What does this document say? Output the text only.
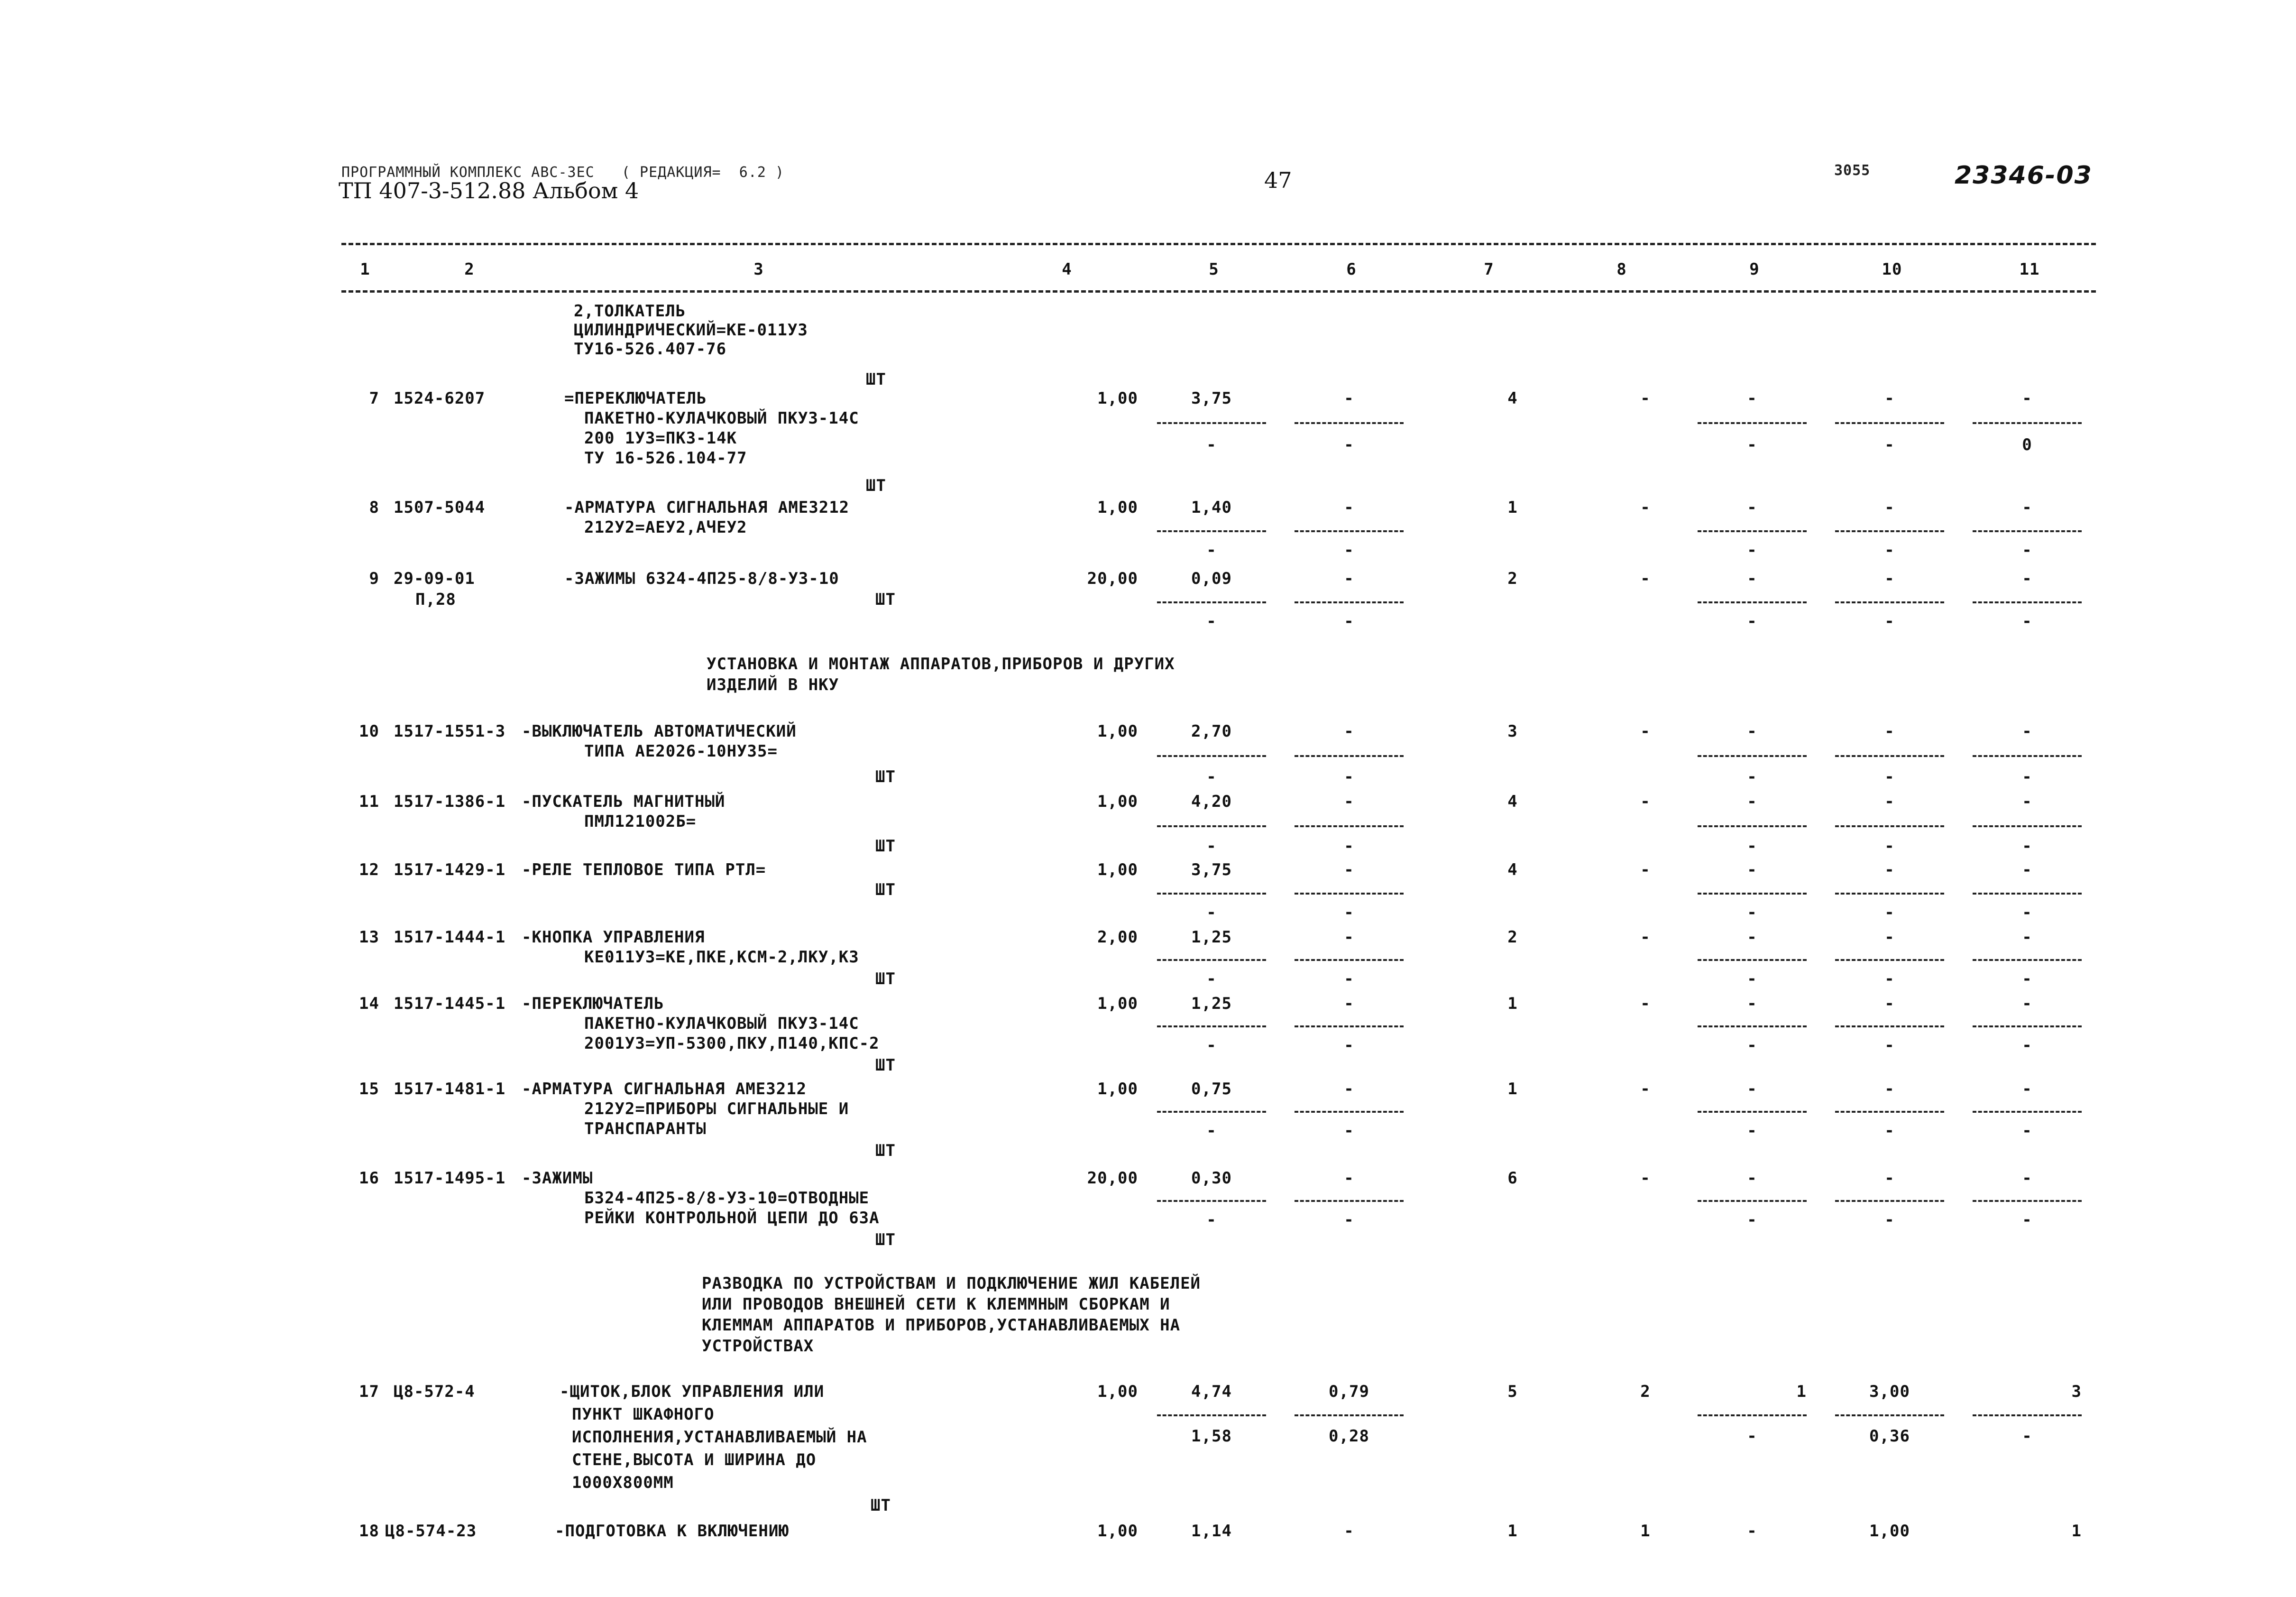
ПРОГРАММНЫЙ КОМПЛЕКС АВС-ЗЕС   ( РЕДАКЦИЯ=  6.2 )
ТП 407-3-512.88 Альбом 4	47	3055	23346-03
1	2	3	4	5	6	7	8	9	10	11
2,ТОЛКАТЕЛЬ
ЦИЛИНДРИЧЕСКИЙ=КЕ-011У3
ТУ16-526.407-76
ШТ
7 1524-6207	=ПЕРЕКЛЮЧАТЕЛЬ
ПАКЕТНО-КУЛАЧКОВЫЙ ПКУ3-14С
200 1У3=ПК3-14К
ТУ 16-526.104-77
1,00	3,75	-	4	-	-	-	-
-	-	-	-	0
ШТ
8 1507-5044	-АРМАТУРА СИГНАЛЬНАЯ АМЕ3212
212У2=АЕУ2,АЧЕУ2
1,00	1,40	-	1	-	-	-	-
-	-	-	-	-
9 29-09-01
П,28
-ЗАЖИМЫ 6324-4П25-8/8-У3-10
ШТ
20,00	0,09	-	2	-	-	-	-
-	-	-	-	-
УСТАНОВКА И МОНТАЖ АППАРАТОВ,ПРИБОРОВ И ДРУГИХ
ИЗДЕЛИЙ В НКУ
10 1517-1551-3 -ВЫКЛЮЧАТЕЛЬ АВТОМАТИЧЕСКИЙ
ТИПА АЕ2026-10НУ35=
ШТ
1,00	2,70	-	3	-	-	-	-
-	-	-	-	-
11 1517-1386-1 -ПУСКАТЕЛЬ МАГНИТНЫЙ
ПМЛ121002Б=
ШТ
1,00	4,20	-	4	-	-	-	-
-	-	-	-	-
12 1517-1429-1 -РЕЛЕ ТЕПЛОВОЕ ТИПА РТЛ=
ШТ
1,00	3,75	-	4	-	-	-	-
-	-	-	-	-
13 1517-1444-1 -КНОПКА УПРАВЛЕНИЯ
КЕ011У3=КЕ,ПКЕ,КСМ-2,ЛКУ,К3
ШТ
2,00	1,25	-	2	-	-	-	-
-	-	-	-	-
14 1517-1445-1 -ПЕРЕКЛЮЧАТЕЛЬ
ПАКЕТНО-КУЛАЧКОВЫЙ ПКУ3-14С
2001У3=УП-5300,ПКУ,П140,КПС-2
ШТ
1,00	1,25	-	1	-	-	-	-
-	-	-	-	-
15 1517-1481-1 -АРМАТУРА СИГНАЛЬНАЯ АМЕ3212
212У2=ПРИБОРЫ СИГНАЛЬНЫЕ И
ТРАНСПАРАНТЫ
ШТ
1,00	0,75	-	1	-	-	-	-
-	-	-	-	-
16 1517-1495-1 -ЗАЖИМЫ
Б324-4П25-8/8-У3-10=ОТВОДНЫЕ
РЕЙКИ КОНТРОЛЬНОЙ ЦЕПИ ДО 63А
ШТ
20,00	0,30	-	6	-	-	-	-
-	-	-	-	-
РАЗВОДКА ПО УСТРОЙСТВАМ И ПОДКЛЮЧЕНИЕ ЖИЛ КАБЕЛЕЙ
ИЛИ ПРОВОДОВ ВНЕШНЕЙ СЕТИ К КЛЕММНЫМ СБОРКАМ И
КЛЕММАМ АППАРАТОВ И ПРИБОРОВ,УСТАНАВЛИВАЕМЫХ НА
УСТРОЙСТВАХ
17 Ц8-572-4	-ЩИТОК,БЛОК УПРАВЛЕНИЯ ИЛИ
ПУНКТ ШКАФНОГО
ИСПОЛНЕНИЯ,УСТАНАВЛИВАЕМЫЙ НА
СТЕНЕ,ВЫСОТА И ШИРИНА ДО
1000Х800ММ
ШТ
1,00	4,74	0,79	5	2	1	3,00	3
1,58	0,28	-	0,36	-
18 Ц8-574-23	-ПОДГОТОВКА К ВКЛЮЧЕНИЮ	1,00	1,14	-	1	1	-	1,00	1
